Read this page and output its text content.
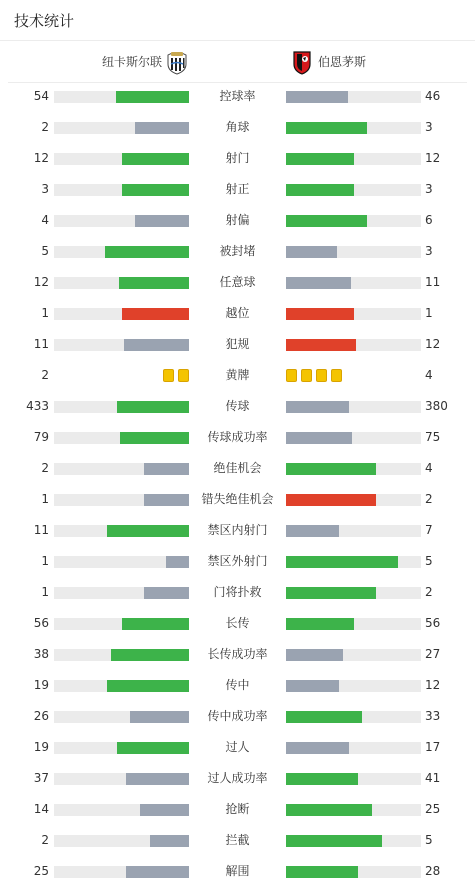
技术统计
纽卡斯尔联	伯恩茅斯
54	控球率	46
2	角球	3
12	射门	12
3	射正	3
4	射偏	6
5	被封堵	3
12	任意球	11
1	越位	1
11	犯规	12
2	黄牌	4
433	传球	380
79	传球成功率	75
2	绝佳机会	4
1	错失绝佳机会	2
11	禁区内射门	7
1	禁区外射门	5
1	门将扑救	2
56	长传	56
38	长传成功率	27
19	传中	12
26	传中成功率	33
19	过人	17
37	过人成功率	41
14	抢断	25
2	拦截	5
25	解围	28
